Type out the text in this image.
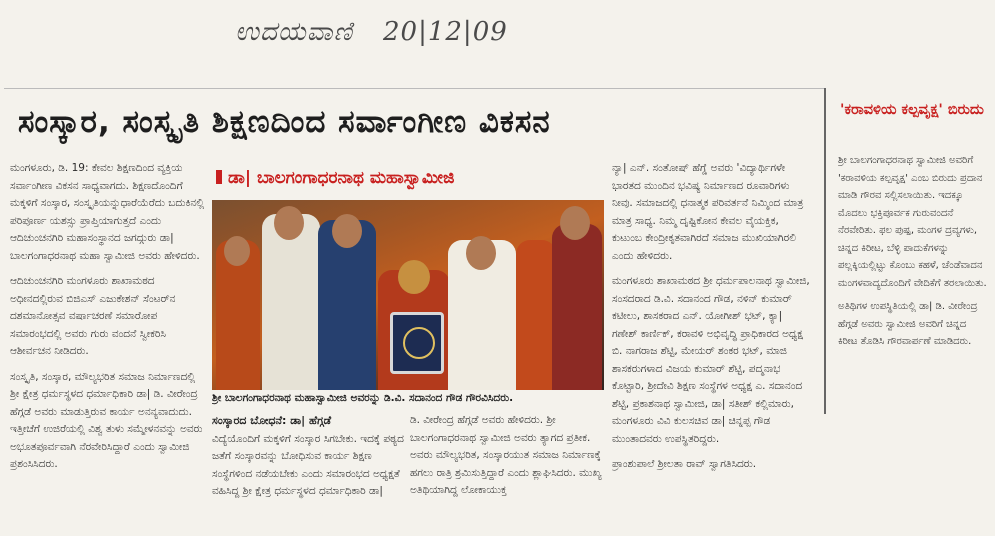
ಉದಯವಾಣಿ 20|12|09
ಸಂಸ್ಕಾರ, ಸಂಸ್ಕೃತಿ ಶಿಕ್ಷಣದಿಂದ ಸರ್ವಾಂಗೀಣ ವಿಕಸನ

ಮಂಗಳೂರು, ಡಿ. 19: ಕೇವಲ ಶಿಕ್ಷಣದಿಂದ ವ್ಯಕ್ತಿಯ ಸರ್ವಾಂಗೀಣ ವಿಕಸನ ಸಾಧ್ಯವಾಗದು. ಶಿಕ್ಷಣದೊಂದಿಗೆ ಮಕ್ಕಳಿಗೆ ಸಂಸ್ಕಾರ, ಸಂಸ್ಕೃತಿಯನ್ನುಧಾರೆಯೆರೆದು ಬದುಕಿನಲ್ಲಿ ಪರಿಪೂರ್ಣ ಯಶಸ್ಸು ಪ್ರಾಪ್ತಿಯಾಗುತ್ತದೆ ಎಂದು ಆದಿಚುಂಚನಗಿರಿ ಮಹಾಸಂಸ್ಥಾನದ ಜಗದ್ಗುರು ಡಾ| ಬಾಲಗಂಗಾಧರನಾಥ ಮಹಾ ಸ್ವಾಮೀಜಿ ಅವರು ಹೇಳಿದರು.

ಆದಿಚುಂಚನಗಿರಿ ಮಂಗಳೂರು ಶಾಖಾಮಠದ ಅಧೀನದಲ್ಲಿರುವ ಬಿಜಿಎಸ್ ಎಜುಕೇಶನ್ ಸೆಂಟರ್‌ನ ದಶಮಾನೋತ್ಸವ ವರ್ಷಾಚರಣೆ ಸಮಾರೋಪ ಸಮಾರಂಭದಲ್ಲಿ ಅವರು ಗುರು ವಂದನೆ ಸ್ವೀಕರಿಸಿ ಆಶೀರ್ವಚನ ನೀಡಿದರು.

ಸಂಸ್ಕೃತಿ, ಸಂಸ್ಕಾರ, ಮೌಲ್ಯಭರಿತ ಸಮಾಜ ನಿರ್ಮಾಣದಲ್ಲಿ ಶ್ರೀ ಕ್ಷೇತ್ರ ಧರ್ಮಸ್ಥಳದ ಧರ್ಮಾಧಿಕಾರಿ ಡಾ| ಡಿ. ವೀರೇಂದ್ರ ಹೆಗ್ಗಡೆ ಅವರು ಮಾಡುತ್ತಿರುವ ಕಾರ್ಯ ಅನನ್ಯವಾದುದು. ಇತ್ತೀಚೆಗೆ ಉಜಿರೆಯಲ್ಲಿ ವಿಶ್ವ ತುಳು ಸಮ್ಮೇಳನವನ್ನು ಅವರು ಅಭೂತಪೂರ್ವವಾಗಿ ನೆರವೇರಿಸಿದ್ದಾರೆ ಎಂದು ಸ್ವಾಮೀಜಿ ಪ್ರಶಂಸಿಸಿದರು.

ಡಾ| ಬಾಲಗಂಗಾಧರನಾಥ ಮಹಾಸ್ವಾಮೀಜಿ
ಶ್ರೀ ಬಾಲಗಂಗಾಧರನಾಥ ಮಹಾಸ್ವಾಮೀಜಿ ಅವರನ್ನು ಡಿ.ವಿ. ಸದಾನಂದ ಗೌಡ ಗೌರವಿಸಿದರು.
ಸಂಸ್ಕಾರದ ಬೋಧನೆ: ಡಾ| ಹೆಗ್ಗಡೆ

ವಿದ್ಯೆಯೊಂದಿಗೆ ಮಕ್ಕಳಿಗೆ ಸಂಸ್ಕಾರ ಸಿಗಬೇಕು. ಇದಕ್ಕೆ ಪಠ್ಯದ ಜತೆಗೆ ಸಂಸ್ಕಾರವನ್ನು ಬೋಧಿಸುವ ಕಾರ್ಯ ಶಿಕ್ಷಣ ಸಂಸ್ಥೆಗಳಿಂದ ನಡೆಯಬೇಕು ಎಂದು ಸಮಾರಂಭದ ಅಧ್ಯಕ್ಷತೆ ವಹಿಸಿದ್ದ ಶ್ರೀ ಕ್ಷೇತ್ರ ಧರ್ಮಸ್ಥಳದ ಧರ್ಮಾಧಿಕಾರಿ ಡಾ|

ಡಿ. ವೀರೇಂದ್ರ ಹೆಗ್ಗಡೆ ಅವರು ಹೇಳಿದರು. ಶ್ರೀ ಬಾಲಗಂಗಾಧರನಾಥ ಸ್ವಾಮೀಜಿ ಅವರು ತ್ಯಾಗದ ಪ್ರತೀಕ. ಅವರು ಮೌಲ್ಯಭರಿತ, ಸಂಸ್ಕಾರಯುತ ಸಮಾಜ ನಿರ್ಮಾಣಕ್ಕೆ ಹಗಲು ರಾತ್ರಿ ಶ್ರಮಿಸುತ್ತಿದ್ದಾರೆ ಎಂದು ಶ್ಲಾಘಿಸಿದರು. ಮುಖ್ಯ ಅತಿಥಿಯಾಗಿದ್ದ ಲೋಕಾಯುಕ್ತ

ನ್ಯಾ| ಎನ್. ಸಂತೋಷ್ ಹೆಗ್ಡೆ ಅವರು 'ವಿದ್ಯಾರ್ಥಿಗಳೇ ಭಾರತದ ಮುಂದಿನ ಭವಿಷ್ಯ ನಿರ್ಮಾಣದ ರೂವಾರಿಗಳು ನೀವು. ಸಮಾಜದಲ್ಲಿ ಧನಾತ್ಮಕ ಪರಿವರ್ತನೆ ನಿಮ್ಮಿಂದ ಮಾತ್ರ ಮಾತ್ರ ಸಾಧ್ಯ. ನಿಮ್ಮ ದೃಷ್ಟಿಕೋನ ಕೇವಲ ವೈಯಕ್ತಿಕ, ಕುಟುಂಬ ಕೇಂದ್ರೀಕೃತವಾಗಿರದೆ ಸಮಾಜ ಮುಖಿಯಾಗಿರಲಿ ಎಂದು ಹೇಳಿದರು.

ಮಂಗಳೂರು ಶಾಖಾಮಠದ ಶ್ರೀ ಧರ್ಮಪಾಲನಾಥ ಸ್ವಾಮೀಜಿ, ಸಂಸದರಾದ ಡಿ.ವಿ. ಸದಾನಂದ ಗೌಡ, ನಳಿನ್ ಕುಮಾರ್ ಕಟೀಲು, ಶಾಸಕರಾದ ಎನ್. ಯೋಗೀಶ್ ಭಟ್, ಕ್ಯಾ| ಗಣೇಶ್ ಕಾರ್ಣಿಕ್, ಕರಾವಳಿ ಅಭಿವೃದ್ಧಿ ಪ್ರಾಧಿಕಾರದ ಅಧ್ಯಕ್ಷ ಬಿ. ನಾಗರಾಜ ಶೆಟ್ಟಿ, ಮೇಯರ್ ಶಂಕರ ಭಟ್, ಮಾಜಿ ಶಾಸಕರುಗಳಾದ ವಿಜಯ ಕುಮಾರ್ ಶೆಟ್ಟಿ, ಪದ್ಮನಾಭ ಕೊಟ್ಟಾರಿ, ಶ್ರೀದೇವಿ ಶಿಕ್ಷಣ ಸಂಸ್ಥೆಗಳ ಅಧ್ಯಕ್ಷ ಎ. ಸದಾನಂದ ಶೆಟ್ಟಿ, ಪ್ರಕಾಶನಾಥ ಸ್ವಾಮೀಜಿ, ಡಾ| ಸತೀಶ್ ಕಲ್ಲಿಮಾರು, ಮಂಗಳೂರು ವಿವಿ ಕುಲಸಚಿವ ಡಾ| ಚಿನ್ನಪ್ಪ ಗೌಡ ಮುಂತಾದವರು ಉಪಸ್ಥಿತರಿದ್ದರು.

ಪ್ರಾಂಶುಪಾಲೆ ಶ್ರೀಲತಾ ರಾವ್ ಸ್ವಾಗತಿಸಿದರು.

'ಕರಾವಳಿಯ ಕಲ್ಪವೃಕ್ಷ' ಬಿರುದು

ಶ್ರೀ ಬಾಲಗಂಗಾಧರನಾಥ ಸ್ವಾಮೀಜಿ ಅವರಿಗೆ 'ಕರಾವಳಿಯ ಕಲ್ಪವೃಕ್ಷ' ಎಂಬ ಬಿರುದು ಪ್ರದಾನ ಮಾಡಿ ಗೌರವ ಸಲ್ಲಿಸಲಾಯಿತು. ಇದಕ್ಕೂ ಮೊದಲು ಭಕ್ತಿಪೂರ್ವಕ ಗುರುವಂದನೆ ನೆರವೇರಿತು. ಫಲ ಪುಷ್ಪ, ಮಂಗಳ ದ್ರವ್ಯಗಳು, ಚಿನ್ನದ ಕಿರೀಟ, ಬೆಳ್ಳಿ ಪಾದುಕೆಗಳನ್ನು ಪಲ್ಲಕ್ಕಿಯಲ್ಲಿಟ್ಟು ಕೊಂಬು ಕಹಳೆ, ಚೆಂಡೆವಾದನ ಮಂಗಳವಾದ್ಯದೊಂದಿಗೆ ವೇದಿಕೆಗೆ ತರಲಾಯಿತು.

ಅತಿಥಿಗಳ ಉಪಸ್ಥಿತಿಯಲ್ಲಿ ಡಾ| ಡಿ. ವೀರೇಂದ್ರ ಹೆಗ್ಗಡೆ ಅವರು ಸ್ವಾಮೀಜಿ ಅವರಿಗೆ ಚಿನ್ನದ ಕಿರೀಟ ತೊಡಿಸಿ ಗೌರವಾರ್ಪಣೆ ಮಾಡಿದರು.
